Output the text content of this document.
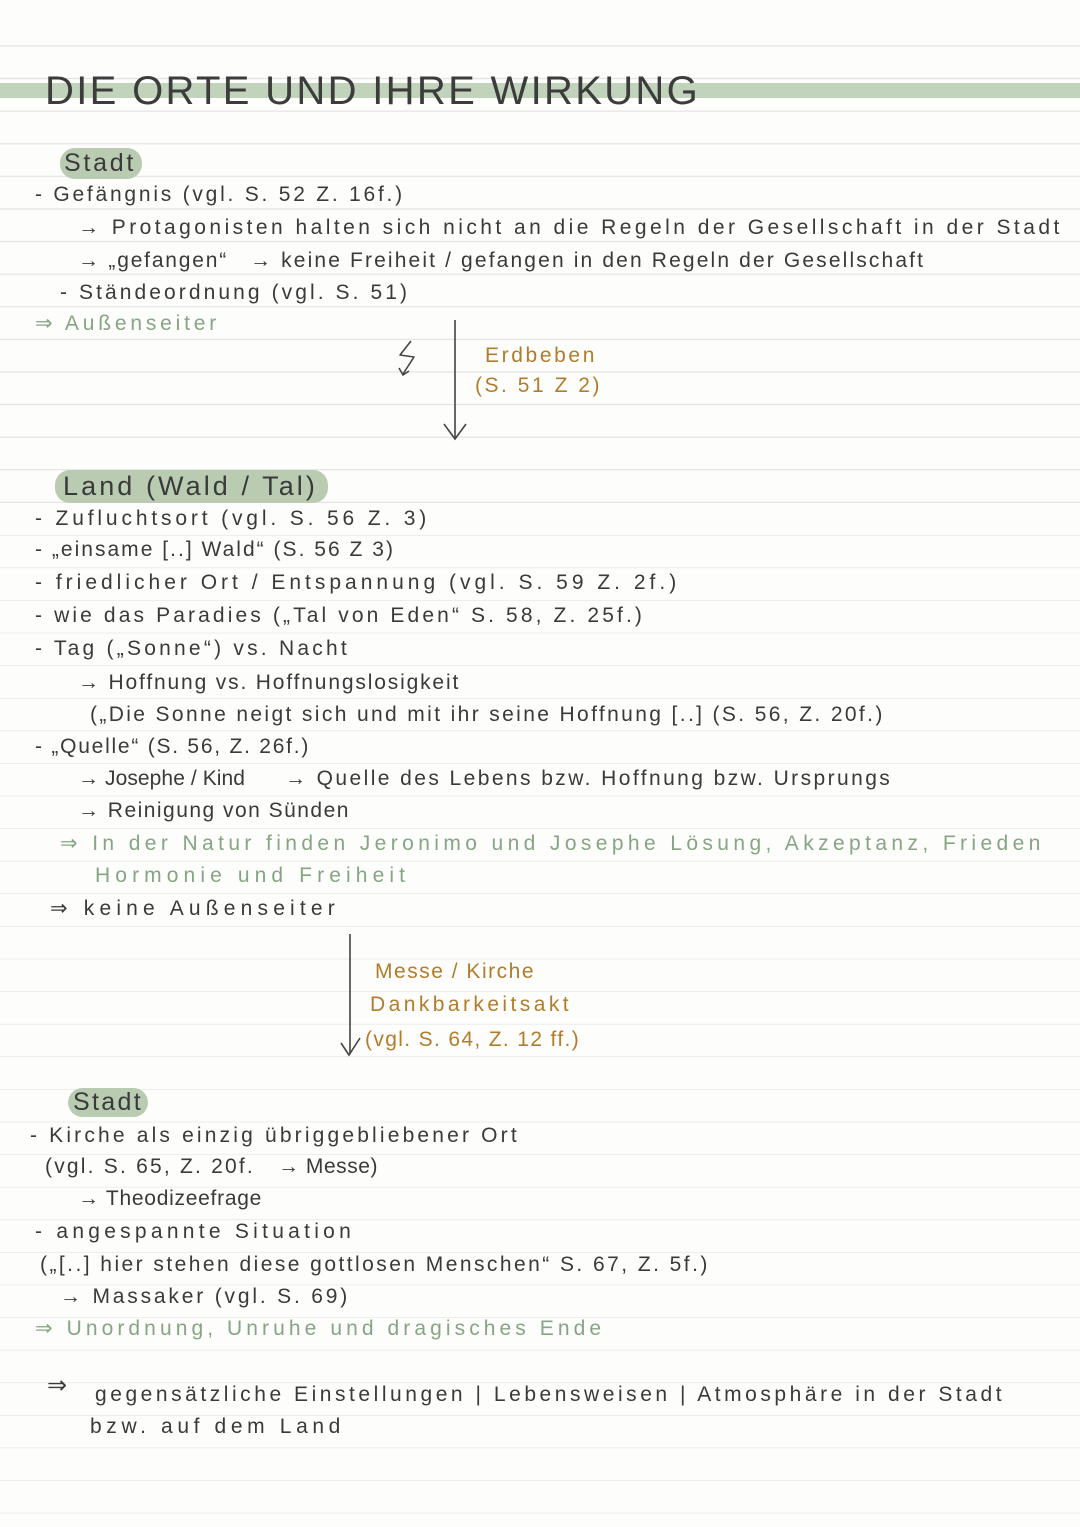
DIE ORTE UND IHRE WIRKUNG
Stadt
- Gefängnis (vgl. S. 52 Z. 16f.)
→ Protagonisten halten sich nicht an die Regeln der Gesellschaft in der Stadt
→ „gefangen“ → keine Freiheit / gefangen in den Regeln der Gesellschaft
- Ständeordnung (vgl. S. 51)
⇒ Außenseiter
Erdbeben
(S. 51 Z 2)
Land (Wald / Tal)
- Zufluchtsort (vgl. S. 56 Z. 3)
- „einsame [..] Wald“ (S. 56 Z 3)
- friedlicher Ort / Entspannung (vgl. S. 59 Z. 2f.)
- wie das Paradies („Tal von Eden“ S. 58, Z. 25f.)
- Tag („Sonne“) vs. Nacht
→ Hoffnung vs. Hoffnungslosigkeit
(„Die Sonne neigt sich und mit ihr seine Hoffnung [..] (S. 56, Z. 20f.)
- „Quelle“ (S. 56, Z. 26f.)
→ Josephe / Kind → Quelle des Lebens bzw. Hoffnung bzw. Ursprungs
→ Reinigung von Sünden
⇒ In der Natur finden Jeronimo und Josephe Lösung, Akzeptanz, Frieden
Hormonie und Freiheit
⇒ keine Außenseiter
Messe / Kirche
Dankbarkeitsakt
(vgl. S. 64, Z. 12 ff.)
Stadt
- Kirche als einzig übriggebliebener Ort
(vgl. S. 65, Z. 20f. → Messe)
→ Theodizeefrage
- angespannte Situation
(„[..] hier stehen diese gottlosen Menschen“ S. 67, Z. 5f.)
→ Massaker (vgl. S. 69)
⇒ Unordnung, Unruhe und dragisches Ende
⇒ gegensätzliche Einstellungen | Lebensweisen | Atmosphäre in der Stadt
bzw. auf dem Land
